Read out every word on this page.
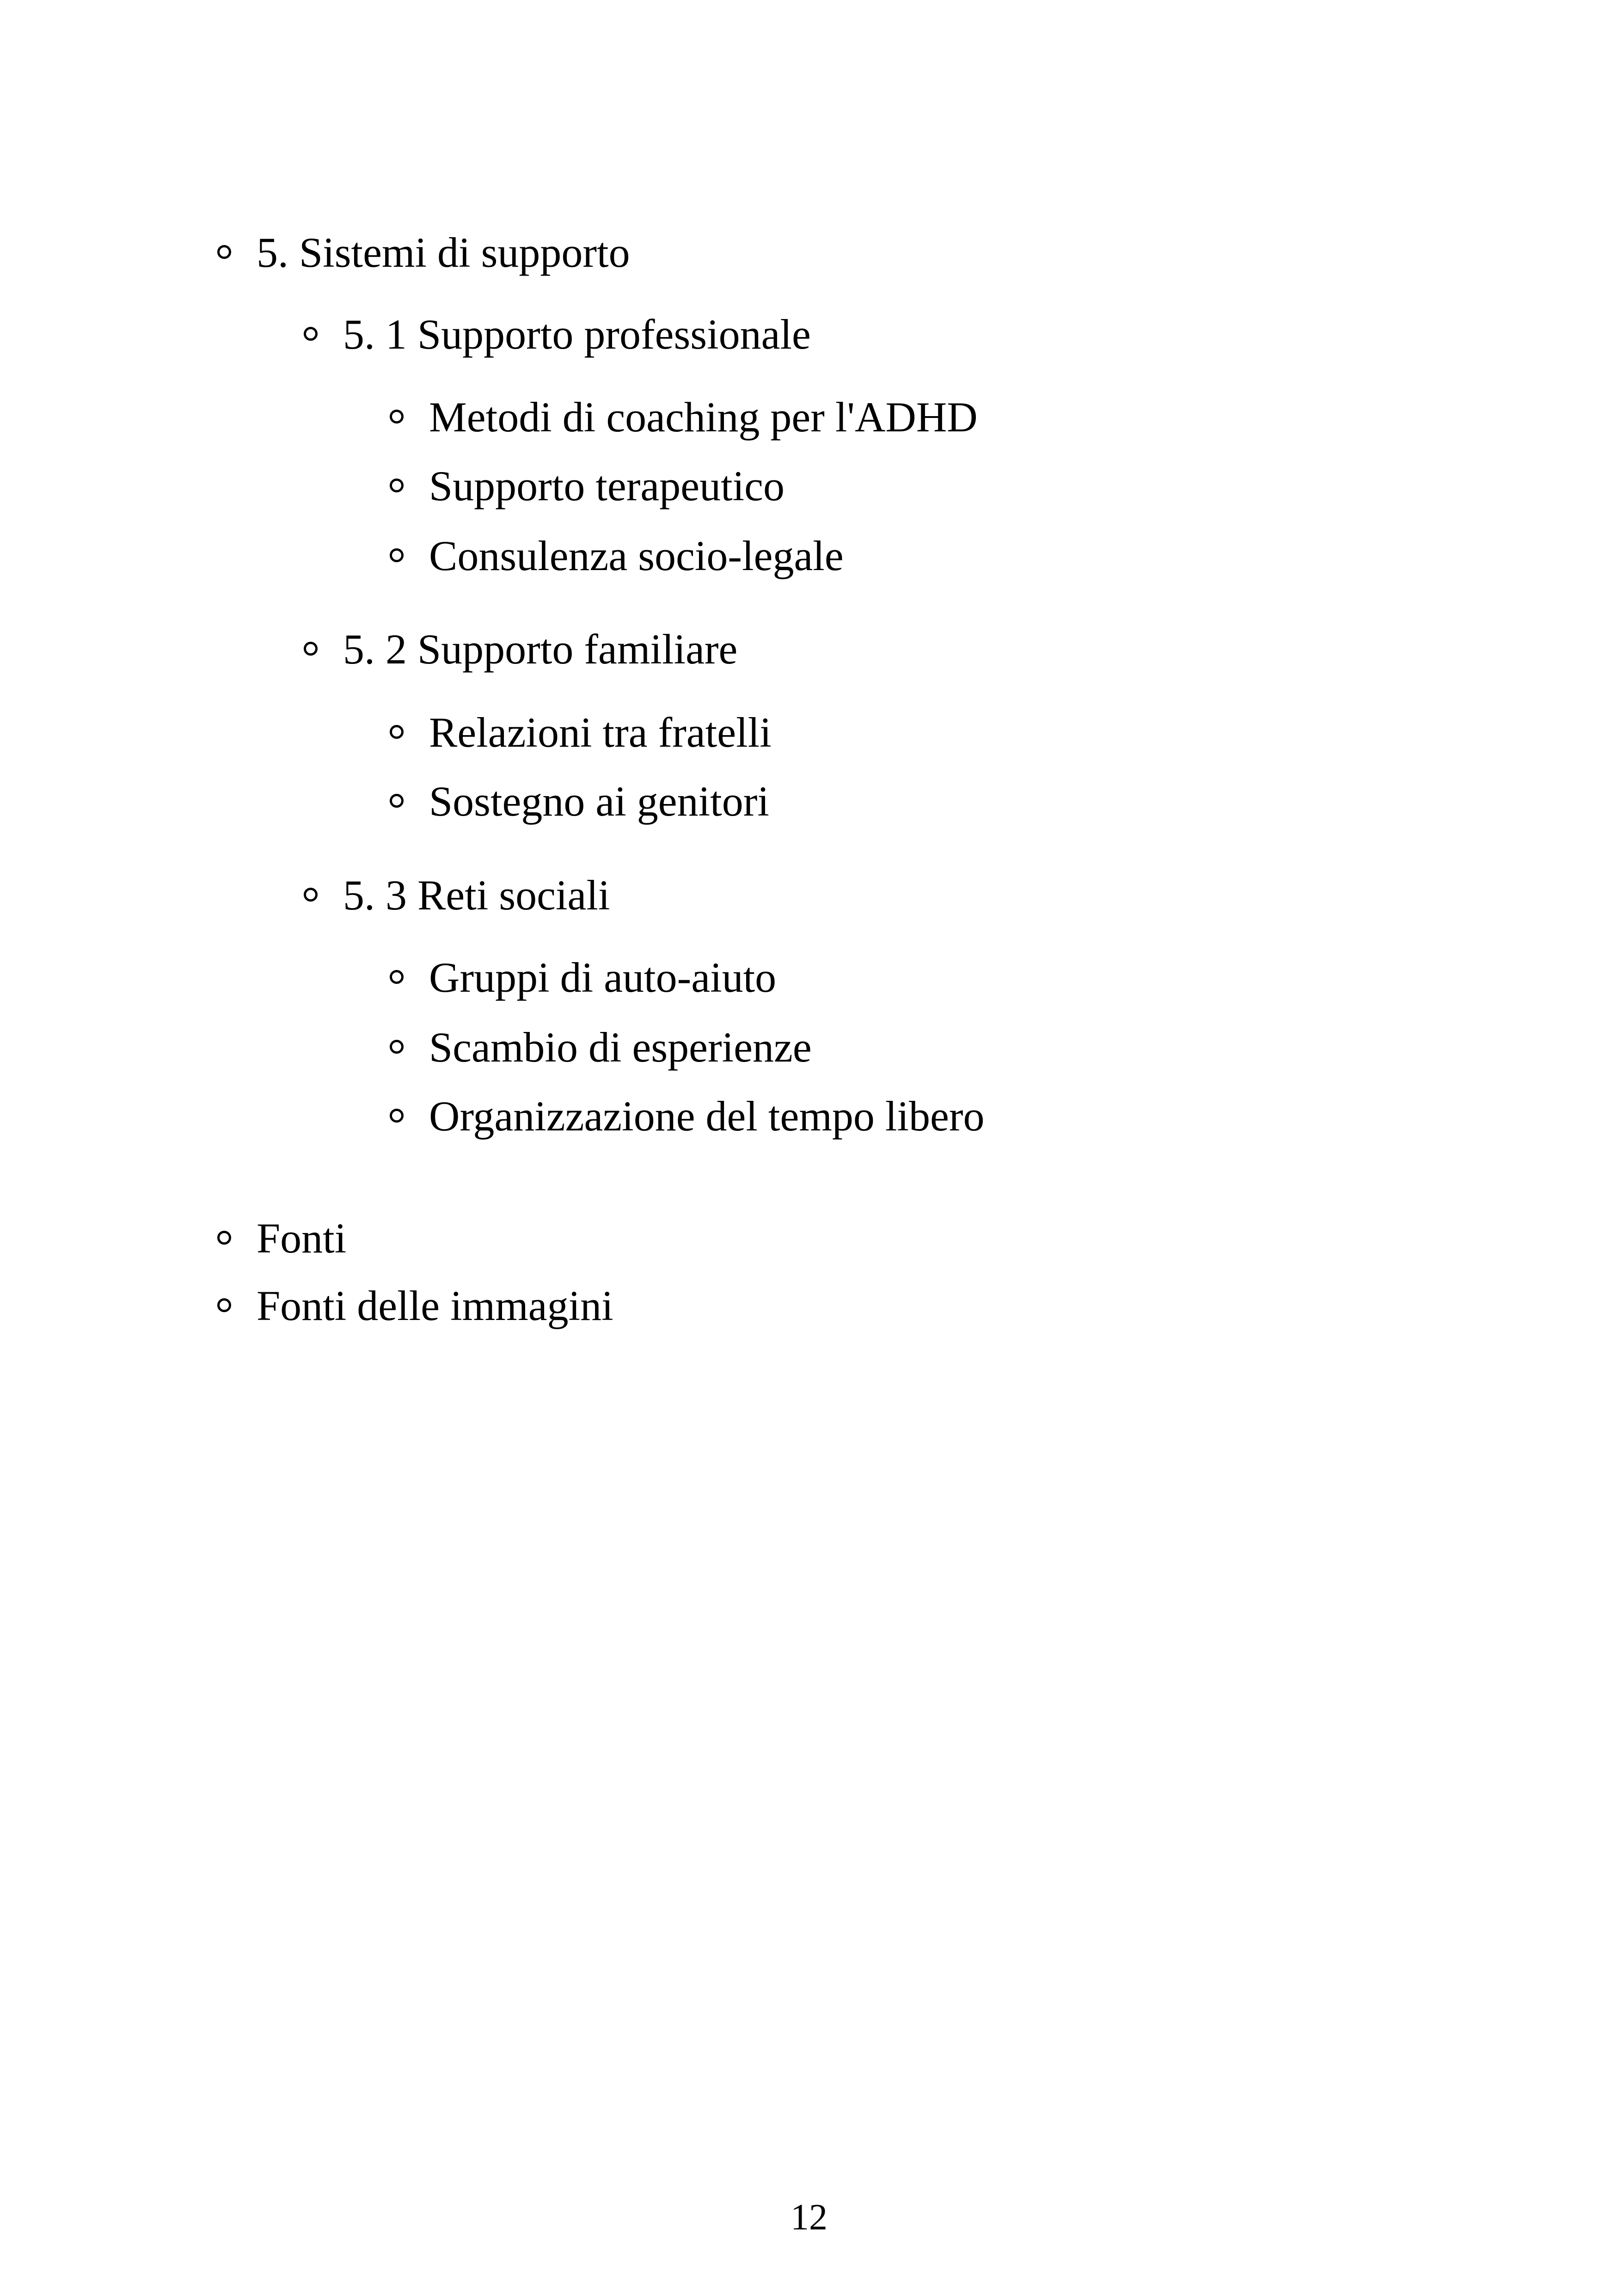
5. Sistemi di supporto

5. 1 Supporto professionale

Metodi di coaching per l'ADHD

Supporto terapeutico

Consulenza socio-legale

5. 2 Supporto familiare

Relazioni tra fratelli

Sostegno ai genitori

5. 3 Reti sociali

Gruppi di auto-aiuto

Scambio di esperienze

Organizzazione del tempo libero

Fonti

Fonti delle immagini

12
